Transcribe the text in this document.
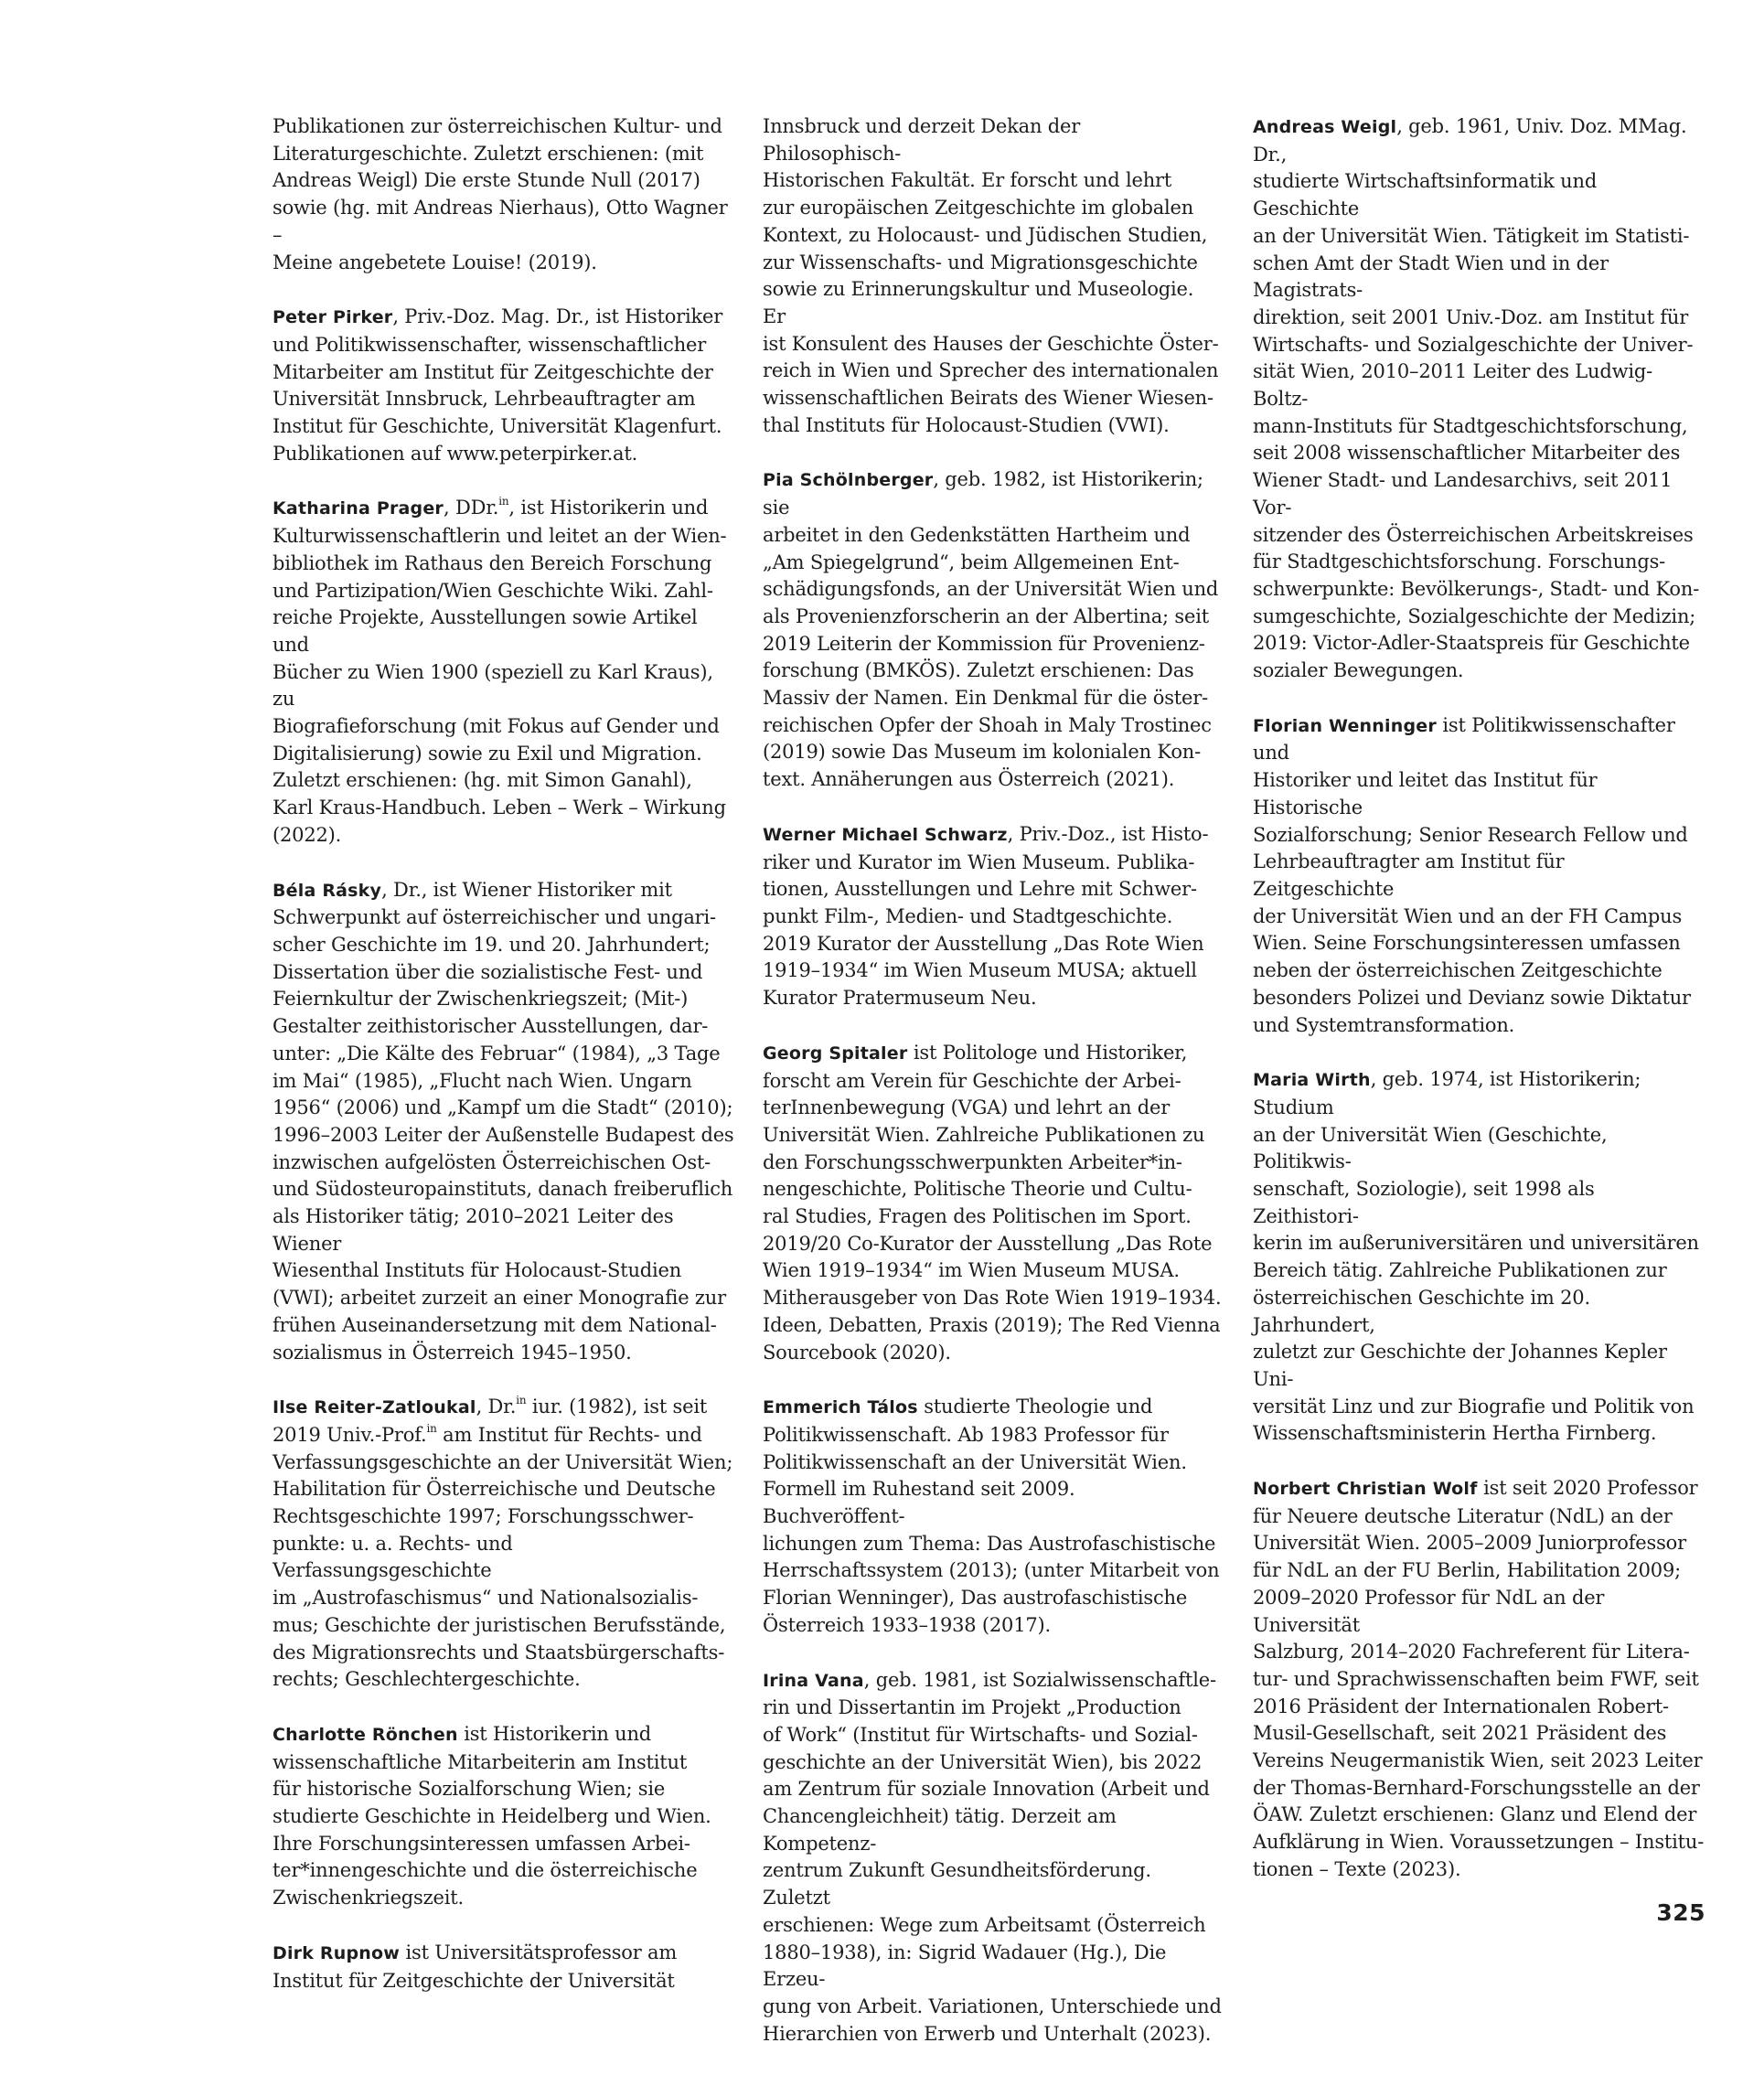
Publikationen zur österreichischen Kultur- und
Literaturgeschichte. Zuletzt erschienen: (mit
Andreas Weigl) Die erste Stunde Null (2017)
sowie (hg. mit Andreas Nierhaus), Otto Wagner –
Meine angebetete Louise! (2019).

Peter Pirker, Priv.-Doz. Mag. Dr., ist Historiker
und Politikwissenschafter, wissenschaftlicher
Mitarbeiter am Institut für Zeitgeschichte der
Universität Innsbruck, Lehrbeauftragter am
Institut für Geschichte, Universität Klagenfurt.
Publikationen auf www.peterpirker.at.

Katharina Prager, DDr.$^{in}$, ist Historikerin und
Kulturwissenschaftlerin und leitet an der Wien-
bibliothek im Rathaus den Bereich Forschung
und Partizipation/Wien Geschichte Wiki. Zahl-
reiche Projekte, Ausstellungen sowie Artikel und
Bücher zu Wien 1900 (speziell zu Karl Kraus), zu
Biografieforschung (mit Fokus auf Gender und
Digitalisierung) sowie zu Exil und Migration.
Zuletzt erschienen: (hg. mit Simon Ganahl),
Karl Kraus-Handbuch. Leben – Werk – Wirkung
(2022).

Béla Rásky, Dr., ist Wiener Historiker mit
Schwerpunkt auf österreichischer und ungari-
scher Geschichte im 19. und 20. Jahrhundert;
Dissertation über die sozialistische Fest- und
Feiernkultur der Zwischenkriegszeit; (Mit-)
Gestalter zeithistorischer Ausstellungen, dar-
unter: „Die Kälte des Februar“ (1984), „3 Tage
im Mai“ (1985), „Flucht nach Wien. Ungarn
1956“ (2006) und „Kampf um die Stadt“ (2010);
1996–2003 Leiter der Außenstelle Budapest des
inzwischen aufgelösten Österreichischen Ost-
und Südosteuropainstituts, danach freiberuflich
als Historiker tätig; 2010–2021 Leiter des Wiener
Wiesenthal Instituts für Holocaust-Studien
(VWI); arbeitet zurzeit an einer Monografie zur
frühen Auseinandersetzung mit dem National-
sozialismus in Österreich 1945–1950.

Ilse Reiter-Zatloukal, Dr.$^{in}$ iur. (1982), ist seit
2019 Univ.-Prof.$^{in}$ am Institut für Rechts- und
Verfassungsgeschichte an der Universität Wien;
Habilitation für Österreichische und Deutsche
Rechtsgeschichte 1997; Forschungsschwer-
punkte: u. a. Rechts- und Verfassungsgeschichte
im „Austrofaschismus“ und Nationalsozialis-
mus; Geschichte der juristischen Berufsstände,
des Migrationsrechts und Staatsbürgerschafts-
rechts; Geschlechtergeschichte.

Charlotte Rönchen ist Historikerin und
wissenschaftliche Mitarbeiterin am Institut
für historische Sozialforschung Wien; sie
studierte Geschichte in Heidelberg und Wien.
Ihre Forschungsinteressen umfassen Arbei-
ter*innengeschichte und die österreichische
Zwischenkriegszeit.

Dirk Rupnow ist Universitätsprofessor am
Institut für Zeitgeschichte der Universität

Innsbruck und derzeit Dekan der Philosophisch-
Historischen Fakultät. Er forscht und lehrt
zur europäischen Zeitgeschichte im globalen
Kontext, zu Holocaust- und Jüdischen Studien,
zur Wissenschafts- und Migrationsgeschichte
sowie zu Erinnerungskultur und Museologie. Er
ist Konsulent des Hauses der Geschichte Öster-
reich in Wien und Sprecher des internationalen
wissenschaftlichen Beirats des Wiener Wiesen-
thal Instituts für Holocaust-Studien (VWI).

Pia Schölnberger, geb. 1982, ist Historikerin; sie
arbeitet in den Gedenkstätten Hartheim und
„Am Spiegelgrund“, beim Allgemeinen Ent-
schädigungsfonds, an der Universität Wien und
als Provenienzforscherin an der Albertina; seit
2019 Leiterin der Kommission für Provenienz-
forschung (BMKÖS). Zuletzt erschienen: Das
Massiv der Namen. Ein Denkmal für die öster-
reichischen Opfer der Shoah in Maly Trostinec
(2019) sowie Das Museum im kolonialen Kon-
text. Annäherungen aus Österreich (2021).

Werner Michael Schwarz, Priv.-Doz., ist Histo-
riker und Kurator im Wien Museum. Publika-
tionen, Ausstellungen und Lehre mit Schwer-
punkt Film-, Medien- und Stadtgeschichte.
2019 Kurator der Ausstellung „Das Rote Wien
1919–1934“ im Wien Museum MUSA; aktuell
Kurator Pratermuseum Neu.

Georg Spitaler ist Politologe und Historiker,
forscht am Verein für Geschichte der Arbei-
terInnenbewegung (VGA) und lehrt an der
Universität Wien. Zahlreiche Publikationen zu
den Forschungsschwerpunkten Arbeiter*in-
nengeschichte, Politische Theorie und Cultu-
ral Studies, Fragen des Politischen im Sport.
2019/20 Co-Kurator der Ausstellung „Das Rote
Wien 1919–1934“ im Wien Museum MUSA.
Mitherausgeber von Das Rote Wien 1919–1934.
Ideen, Debatten, Praxis (2019); The Red Vienna
Sourcebook (2020).

Emmerich Tálos studierte Theologie und
Politikwissenschaft. Ab 1983 Professor für
Politikwissenschaft an der Universität Wien.
Formell im Ruhestand seit 2009. Buchveröffent-
lichungen zum Thema: Das Austrofaschistische
Herrschaftssystem (2013); (unter Mitarbeit von
Florian Wenninger), Das austrofaschistische
Österreich 1933–1938 (2017).

Irina Vana, geb. 1981, ist Sozialwissenschaftle-
rin und Dissertantin im Projekt „Production
of Work“ (Institut für Wirtschafts- und Sozial-
geschichte an der Universität Wien), bis 2022
am Zentrum für soziale Innovation (Arbeit und
Chancengleichheit) tätig. Derzeit am Kompetenz-
zentrum Zukunft Gesundheitsförderung. Zuletzt
erschienen: Wege zum Arbeitsamt (Österreich
1880–1938), in: Sigrid Wadauer (Hg.), Die Erzeu-
gung von Arbeit. Variationen, Unterschiede und
Hierarchien von Erwerb und Unterhalt (2023).

Andreas Weigl, geb. 1961, Univ. Doz. MMag. Dr.,
studierte Wirtschaftsinformatik und Geschichte
an der Universität Wien. Tätigkeit im Statisti-
schen Amt der Stadt Wien und in der Magistrats-
direktion, seit 2001 Univ.-Doz. am Institut für
Wirtschafts- und Sozialgeschichte der Univer-
sität Wien, 2010–2011 Leiter des Ludwig-Boltz-
mann-Instituts für Stadtgeschichtsforschung,
seit 2008 wissenschaftlicher Mitarbeiter des
Wiener Stadt- und Landesarchivs, seit 2011 Vor-
sitzender des Österreichischen Arbeitskreises
für Stadtgeschichtsforschung. Forschungs-
schwerpunkte: Bevölkerungs-, Stadt- und Kon-
sumgeschichte, Sozialgeschichte der Medizin;
2019: Victor-Adler-Staatspreis für Geschichte
sozialer Bewegungen.

Florian Wenninger ist Politikwissenschafter und
Historiker und leitet das Institut für Historische
Sozialforschung; Senior Research Fellow und
Lehrbeauftragter am Institut für Zeitgeschichte
der Universität Wien und an der FH Campus
Wien. Seine Forschungsinteressen umfassen
neben der österreichischen Zeitgeschichte
besonders Polizei und Devianz sowie Diktatur
und Systemtransformation.

Maria Wirth, geb. 1974, ist Historikerin; Studium
an der Universität Wien (Geschichte, Politikwis-
senschaft, Soziologie), seit 1998 als Zeithistori-
kerin im außeruniversitären und universitären
Bereich tätig. Zahlreiche Publikationen zur
österreichischen Geschichte im 20. Jahrhundert,
zuletzt zur Geschichte der Johannes Kepler Uni-
versität Linz und zur Biografie und Politik von
Wissenschaftsministerin Hertha Firnberg.

Norbert Christian Wolf ist seit 2020 Professor
für Neuere deutsche Literatur (NdL) an der
Universität Wien. 2005–2009 Juniorprofessor
für NdL an der FU Berlin, Habilitation 2009;
2009–2020 Professor für NdL an der Universität
Salzburg, 2014–2020 Fachreferent für Litera-
tur- und Sprachwissenschaften beim FWF, seit
2016 Präsident der Internationalen Robert-
Musil-Gesellschaft, seit 2021 Präsident des
Vereins Neugermanistik Wien, seit 2023 Leiter
der Thomas-Bernhard-Forschungsstelle an der
ÖAW. Zuletzt erschienen: Glanz und Elend der
Aufklärung in Wien. Voraussetzungen – Institu-
tionen – Texte (2023).

325
